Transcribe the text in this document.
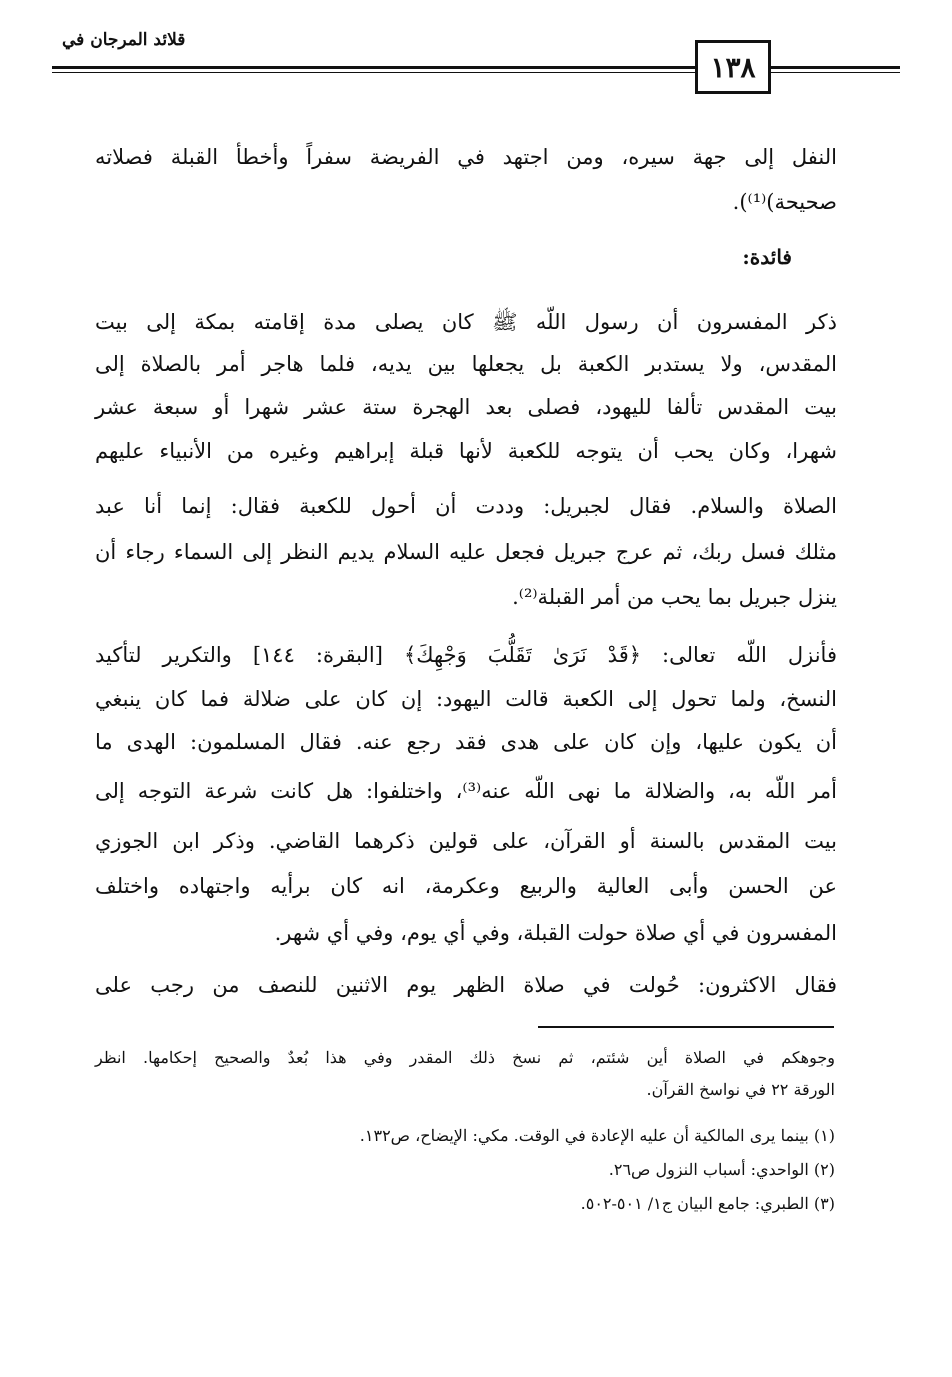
قلائد المرجان في
١٣٨
النفل إلى جهة سيره، ومن اجتهد في الفريضة سفراً وأخطأ القبلة فصلاته
صحيحة)⁽¹⁾).
فائدة:
ذكر المفسرون أن رسول اللّه ﷺ كان يصلى مدة إقامته بمكة إلى بيت
المقدس، ولا يستدبر الكعبة بل يجعلها بين يديه، فلما هاجر أمر بالصلاة إلى
بيت المقدس تألفا لليهود، فصلى بعد الهجرة ستة عشر شهرا أو سبعة عشر
شهرا، وكان يحب أن يتوجه للكعبة لأنها قبلة إبراهيم وغيره من الأنبياء عليهم
الصلاة والسلام. فقال لجبريل: وددت أن أحول للكعبة فقال: إنما أنا عبد
مثلك فسل ربك، ثم عرج جبريل فجعل عليه السلام يديم النظر إلى السماء رجاء أن
ينزل جبريل بما يحب من أمر القبلة⁽²⁾.
فأنزل اللّه تعالى: ﴿قَدْ نَرَىٰ تَقَلُّبَ وَجْهِكَ﴾ [البقرة: ١٤٤] والتكرير لتأكيد
النسخ، ولما تحول إلى الكعبة قالت اليهود: إن كان على ضلالة فما كان ينبغي
أن يكون عليها، وإن كان على هدى فقد رجع عنه. فقال المسلمون: الهدى ما
أمر اللّه به، والضلالة ما نهى اللّه عنه⁽³⁾، واختلفوا: هل كانت شرعة التوجه إلى
بيت المقدس بالسنة أو القرآن، على قولين ذكرهما القاضي. وذكر ابن الجوزي
عن الحسن وأبى العالية والربيع وعكرمة، انه كان برأيه واجتهاده واختلف
المفسرون في أي صلاة حولت القبلة، وفي أي يوم، وفي أي شهر.
فقال الاكثرون: حُولت في صلاة الظهر يوم الاثنين للنصف من رجب على
وجوهكم في الصلاة أين شئتم، ثم نسخ ذلك المقدر وفي هذا بُعدٌ والصحيح إحكامها. انظر
الورقة ٢٢ في نواسخ القرآن.
(١) بينما يرى المالكية أن عليه الإعادة في الوقت. مكي: الإيضاح، ص١٣٢.
(٢) الواحدي: أسباب النزول ص٢٦.
(٣) الطبري: جامع البيان ج١/ ٥٠١-٥٠٢.
